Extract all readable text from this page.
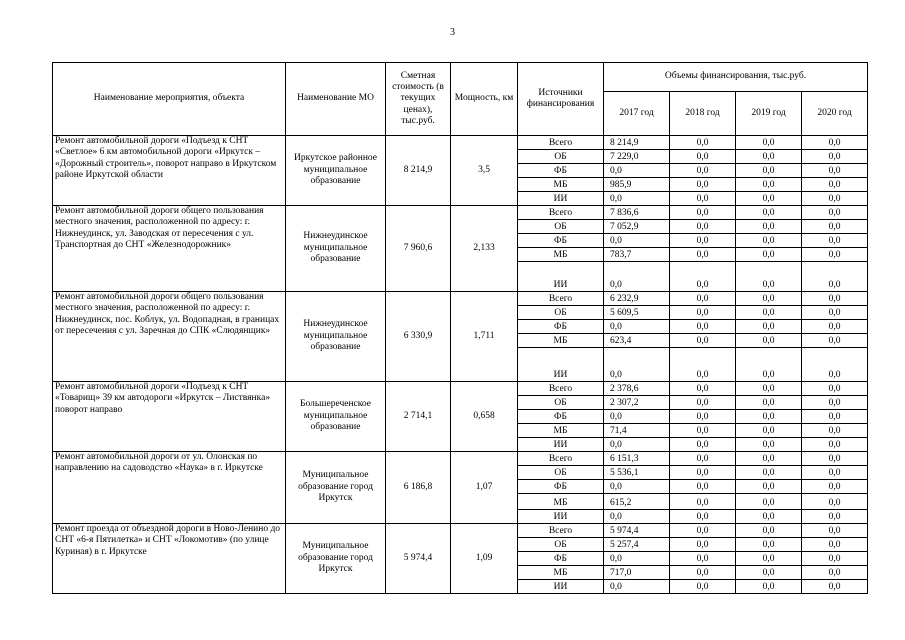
3
Наименование мероприятия, объекта	Наименование МО	Сметная стоимость (в текущих ценах), тыс.руб.	Мощность, км	Источники финансирования	Объемы финансирования, тыс.руб.			
					2017 год	2018 год	2019 год	2020 год
Ремонт автомобильной дороги «Подъезд к СНТ «Светлое» 6 км автомобильной дороги «Иркутск – «Дорожный строитель», поворот направо в Иркутском районе Иркутской области	Иркутское районное муниципальное образование	8 214,9	3,5	Всего	8 214,9	0,0	0,0	0,0
				ОБ	7 229,0	0,0	0,0	0,0
				ФБ	0,0	0,0	0,0	0,0
				МБ	985,9	0,0	0,0	0,0
				ИИ	0,0	0,0	0,0	0,0
Ремонт автомобильной дороги общего пользования местного значения, расположенной по адресу: г. Нижнеудинск, ул. Заводская от пересечения с ул. Транспортная до СНТ «Железнодорожник»	Нижнеудинское муниципальное образование	7 960,6	2,133	Всего	7 836,6	0,0	0,0	0,0
				ОБ	7 052,9	0,0	0,0	0,0
				ФБ	0,0	0,0	0,0	0,0
				МБ	783,7	0,0	0,0	0,0
				ИИ	0,0	0,0	0,0	0,0
Ремонт автомобильной дороги общего пользования местного значения, расположенной по адресу: г. Нижнеудинск, пос. Коблук, ул. Водопадная, в границах от пересечения с ул. Заречная до СПК «Слюдянщик»	Нижнеудинское муниципальное образование	6 330,9	1,711	Всего	6 232,9	0,0	0,0	0,0
				ОБ	5 609,5	0,0	0,0	0,0
				ФБ	0,0	0,0	0,0	0,0
				МБ	623,4	0,0	0,0	0,0
				ИИ	0,0	0,0	0,0	0,0
Ремонт автомобильной дороги «Подъезд к СНТ «Товарищ» 39 км автодороги «Иркутск – Листвянка» поворот направо	Большереченское муниципальное образование	2 714,1	0,658	Всего	2 378,6	0,0	0,0	0,0
				ОБ	2 307,2	0,0	0,0	0,0
				ФБ	0,0	0,0	0,0	0,0
				МБ	71,4	0,0	0,0	0,0
				ИИ	0,0	0,0	0,0	0,0
Ремонт автомобильной дороги от ул. Олонская по направлению на садоводство «Наука» в г. Иркутске	Муниципальное образование город Иркутск	6 186,8	1,07	Всего	6 151,3	0,0	0,0	0,0
				ОБ	5 536,1	0,0	0,0	0,0
				ФБ	0,0	0,0	0,0	0,0
				МБ	615,2	0,0	0,0	0,0
				ИИ	0,0	0,0	0,0	0,0
Ремонт проезда от объездной дороги в Ново-Ленино до СНТ «6-я Пятилетка» и СНТ «Локомотив» (по улице Куриная) в г. Иркутске	Муниципальное образование город Иркутск	5 974,4	1,09	Всего	5 974,4	0,0	0,0	0,0
				ОБ	5 257,4	0,0	0,0	0,0
				ФБ	0,0	0,0	0,0	0,0
				МБ	717,0	0,0	0,0	0,0
				ИИ	0,0	0,0	0,0	0,0
